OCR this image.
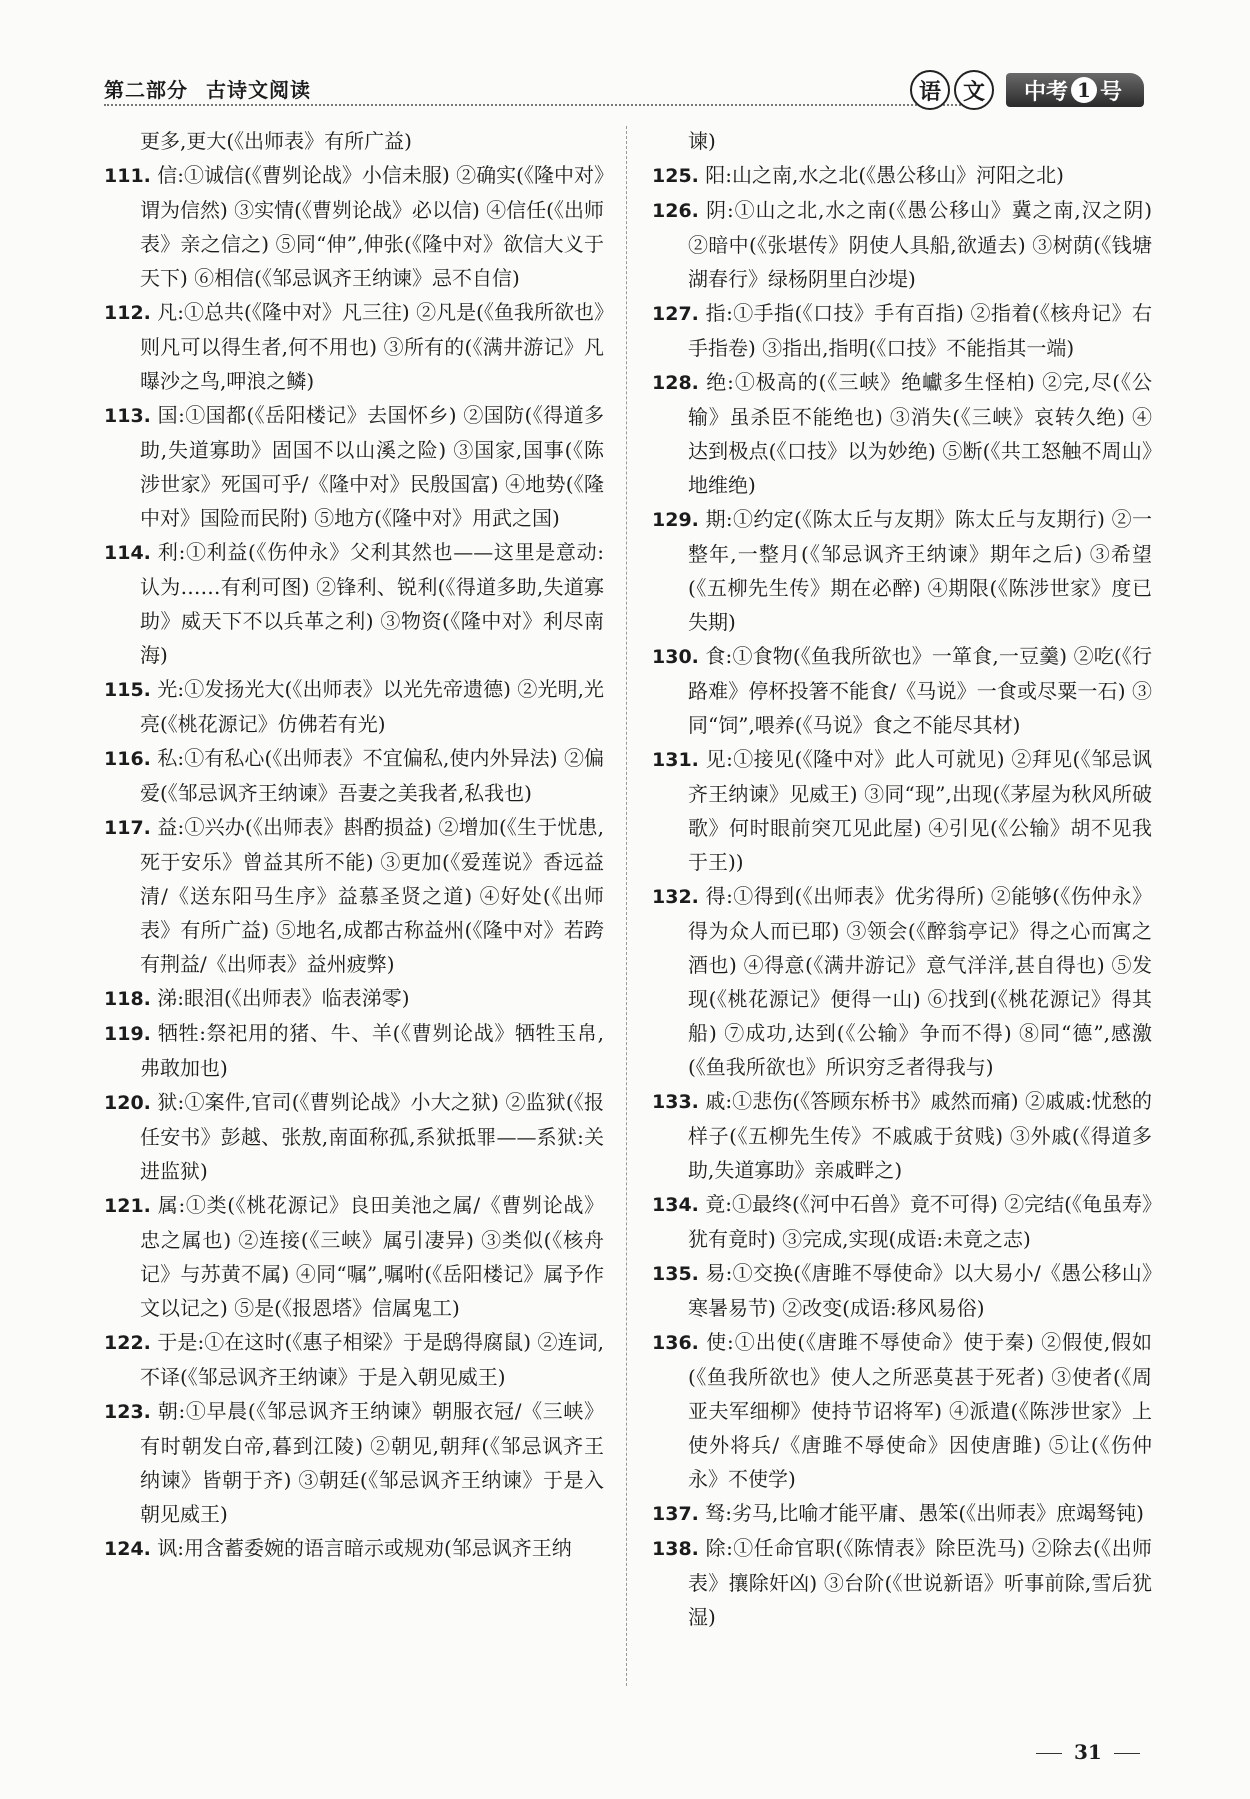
第二部分 古诗文阅读	语 文	中考 1 号

更多,更大(《出师表》有所广益)

111. 信:①诚信(《曹刿论战》小信未服) ②确实(《隆中对》谓为信然) ③实情(《曹刿论战》必以信) ④信任(《出师表》亲之信之) ⑤同“伸”,伸张(《隆中对》欲信大义于天下) ⑥相信(《邹忌讽齐王纳谏》忌不自信)

112. 凡:①总共(《隆中对》凡三往) ②凡是(《鱼我所欲也》则凡可以得生者,何不用也) ③所有的(《满井游记》凡曝沙之鸟,呷浪之鳞)

113. 国:①国都(《岳阳楼记》去国怀乡) ②国防(《得道多助,失道寡助》固国不以山溪之险) ③国家,国事(《陈涉世家》死国可乎/《隆中对》民殷国富) ④地势(《隆中对》国险而民附) ⑤地方(《隆中对》用武之国)

114. 利:①利益(《伤仲永》父利其然也——这里是意动:认为……有利可图) ②锋利、锐利(《得道多助,失道寡助》威天下不以兵革之利) ③物资(《隆中对》利尽南海)

115. 光:①发扬光大(《出师表》以光先帝遗德) ②光明,光亮(《桃花源记》仿佛若有光)

116. 私:①有私心(《出师表》不宜偏私,使内外异法) ②偏爱(《邹忌讽齐王纳谏》吾妻之美我者,私我也)

117. 益:①兴办(《出师表》斟酌损益) ②增加(《生于忧患,死于安乐》曾益其所不能) ③更加(《爱莲说》香远益清/《送东阳马生序》益慕圣贤之道) ④好处(《出师表》有所广益) ⑤地名,成都古称益州(《隆中对》若跨有荆益/《出师表》益州疲弊)

118. 涕:眼泪(《出师表》临表涕零)

119. 牺牲:祭祀用的猪、牛、羊(《曹刿论战》牺牲玉帛,弗敢加也)

120. 狱:①案件,官司(《曹刿论战》小大之狱) ②监狱(《报任安书》彭越、张敖,南面称孤,系狱抵罪——系狱:关进监狱)

121. 属:①类(《桃花源记》良田美池之属/《曹刿论战》忠之属也) ②连接(《三峡》属引凄异) ③类似(《核舟记》与苏黄不属) ④同“嘱”,嘱咐(《岳阳楼记》属予作文以记之) ⑤是(《报恩塔》信属鬼工)

122. 于是:①在这时(《惠子相梁》于是鸱得腐鼠) ②连词,不译(《邹忌讽齐王纳谏》于是入朝见威王)

123. 朝:①早晨(《邹忌讽齐王纳谏》朝服衣冠/《三峡》有时朝发白帝,暮到江陵) ②朝见,朝拜(《邹忌讽齐王纳谏》皆朝于齐) ③朝廷(《邹忌讽齐王纳谏》于是入朝见威王)

124. 讽:用含蓄委婉的语言暗示或规劝(邹忌讽齐王纳

谏)

125. 阳:山之南,水之北(《愚公移山》河阳之北)

126. 阴:①山之北,水之南(《愚公移山》冀之南,汉之阴) ②暗中(《张堪传》阴使人具船,欲遁去) ③树荫(《钱塘湖春行》绿杨阴里白沙堤)

127. 指:①手指(《口技》手有百指) ②指着(《核舟记》右手指卷) ③指出,指明(《口技》不能指其一端)

128. 绝:①极高的(《三峡》绝巘多生怪柏) ②完,尽(《公输》虽杀臣不能绝也) ③消失(《三峡》哀转久绝) ④达到极点(《口技》以为妙绝) ⑤断(《共工怒触不周山》地维绝)

129. 期:①约定(《陈太丘与友期》陈太丘与友期行) ②一整年,一整月(《邹忌讽齐王纳谏》期年之后) ③希望(《五柳先生传》期在必醉) ④期限(《陈涉世家》度已失期)

130. 食:①食物(《鱼我所欲也》一箪食,一豆羹) ②吃(《行路难》停杯投箸不能食/《马说》一食或尽粟一石) ③同“饲”,喂养(《马说》食之不能尽其材)

131. 见:①接见(《隆中对》此人可就见) ②拜见(《邹忌讽齐王纳谏》见威王) ③同“现”,出现(《茅屋为秋风所破歌》何时眼前突兀见此屋) ④引见(《公输》胡不见我于王))

132. 得:①得到(《出师表》优劣得所) ②能够(《伤仲永》得为众人而已耶) ③领会(《醉翁亭记》得之心而寓之酒也) ④得意(《满井游记》意气洋洋,甚自得也) ⑤发现(《桃花源记》便得一山) ⑥找到(《桃花源记》得其船) ⑦成功,达到(《公输》争而不得) ⑧同“德”,感激(《鱼我所欲也》所识穷乏者得我与)

133. 戚:①悲伤(《答顾东桥书》戚然而痛) ②戚戚:忧愁的样子(《五柳先生传》不戚戚于贫贱) ③外戚(《得道多助,失道寡助》亲戚畔之)

134. 竟:①最终(《河中石兽》竟不可得) ②完结(《龟虽寿》犹有竟时) ③完成,实现(成语:未竟之志)

135. 易:①交换(《唐雎不辱使命》以大易小/《愚公移山》寒暑易节) ②改变(成语:移风易俗)

136. 使:①出使(《唐雎不辱使命》使于秦) ②假使,假如(《鱼我所欲也》使人之所恶莫甚于死者) ③使者(《周亚夫军细柳》使持节诏将军) ④派遣(《陈涉世家》上使外将兵/《唐雎不辱使命》因使唐雎) ⑤让(《伤仲永》不使学)

137. 驽:劣马,比喻才能平庸、愚笨(《出师表》庶竭驽钝)

138. 除:①任命官职(《陈情表》除臣洗马) ②除去(《出师表》攘除奸凶) ③台阶(《世说新语》听事前除,雪后犹湿)

31
